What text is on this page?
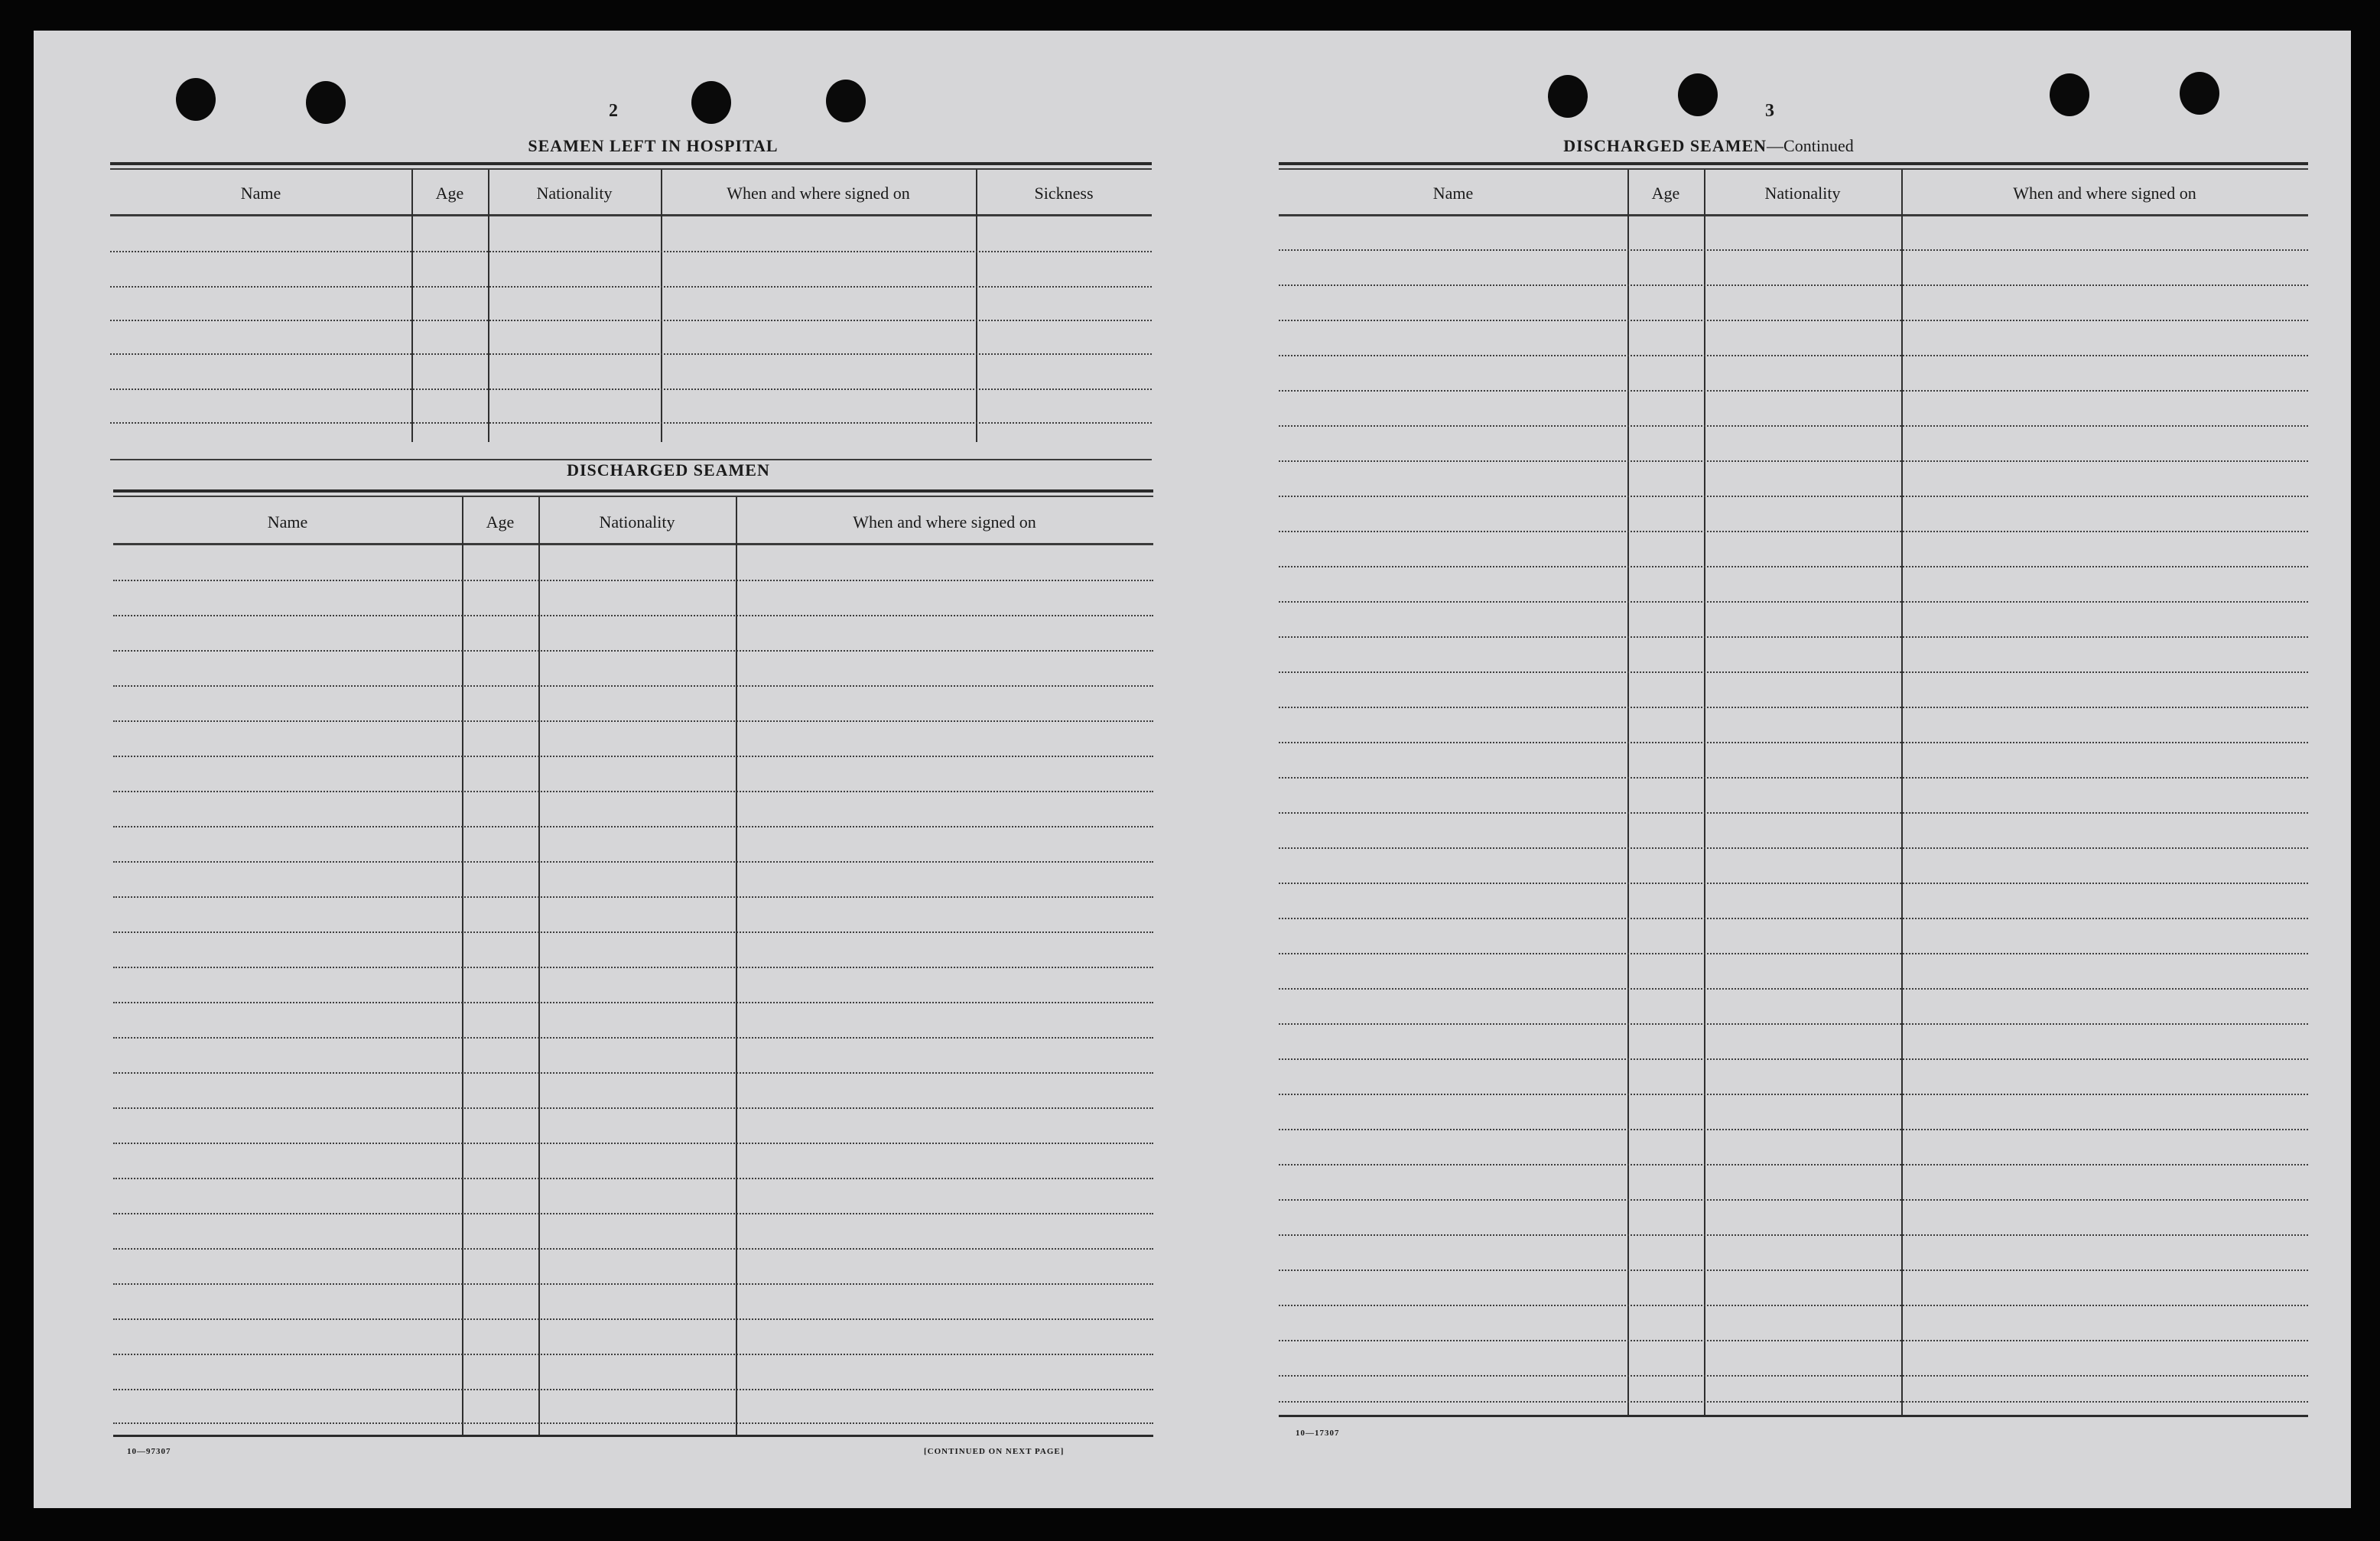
2
SEAMEN LEFT IN HOSPITAL
Name	Age	Nationality	When and where signed on	Sickness
DISCHARGED SEAMEN
Name	Age	Nationality	When and where signed on
10—97307	[CONTINUED ON NEXT PAGE]
3
DISCHARGED SEAMEN—Continued
Name	Age	Nationality	When and where signed on
10—17307
